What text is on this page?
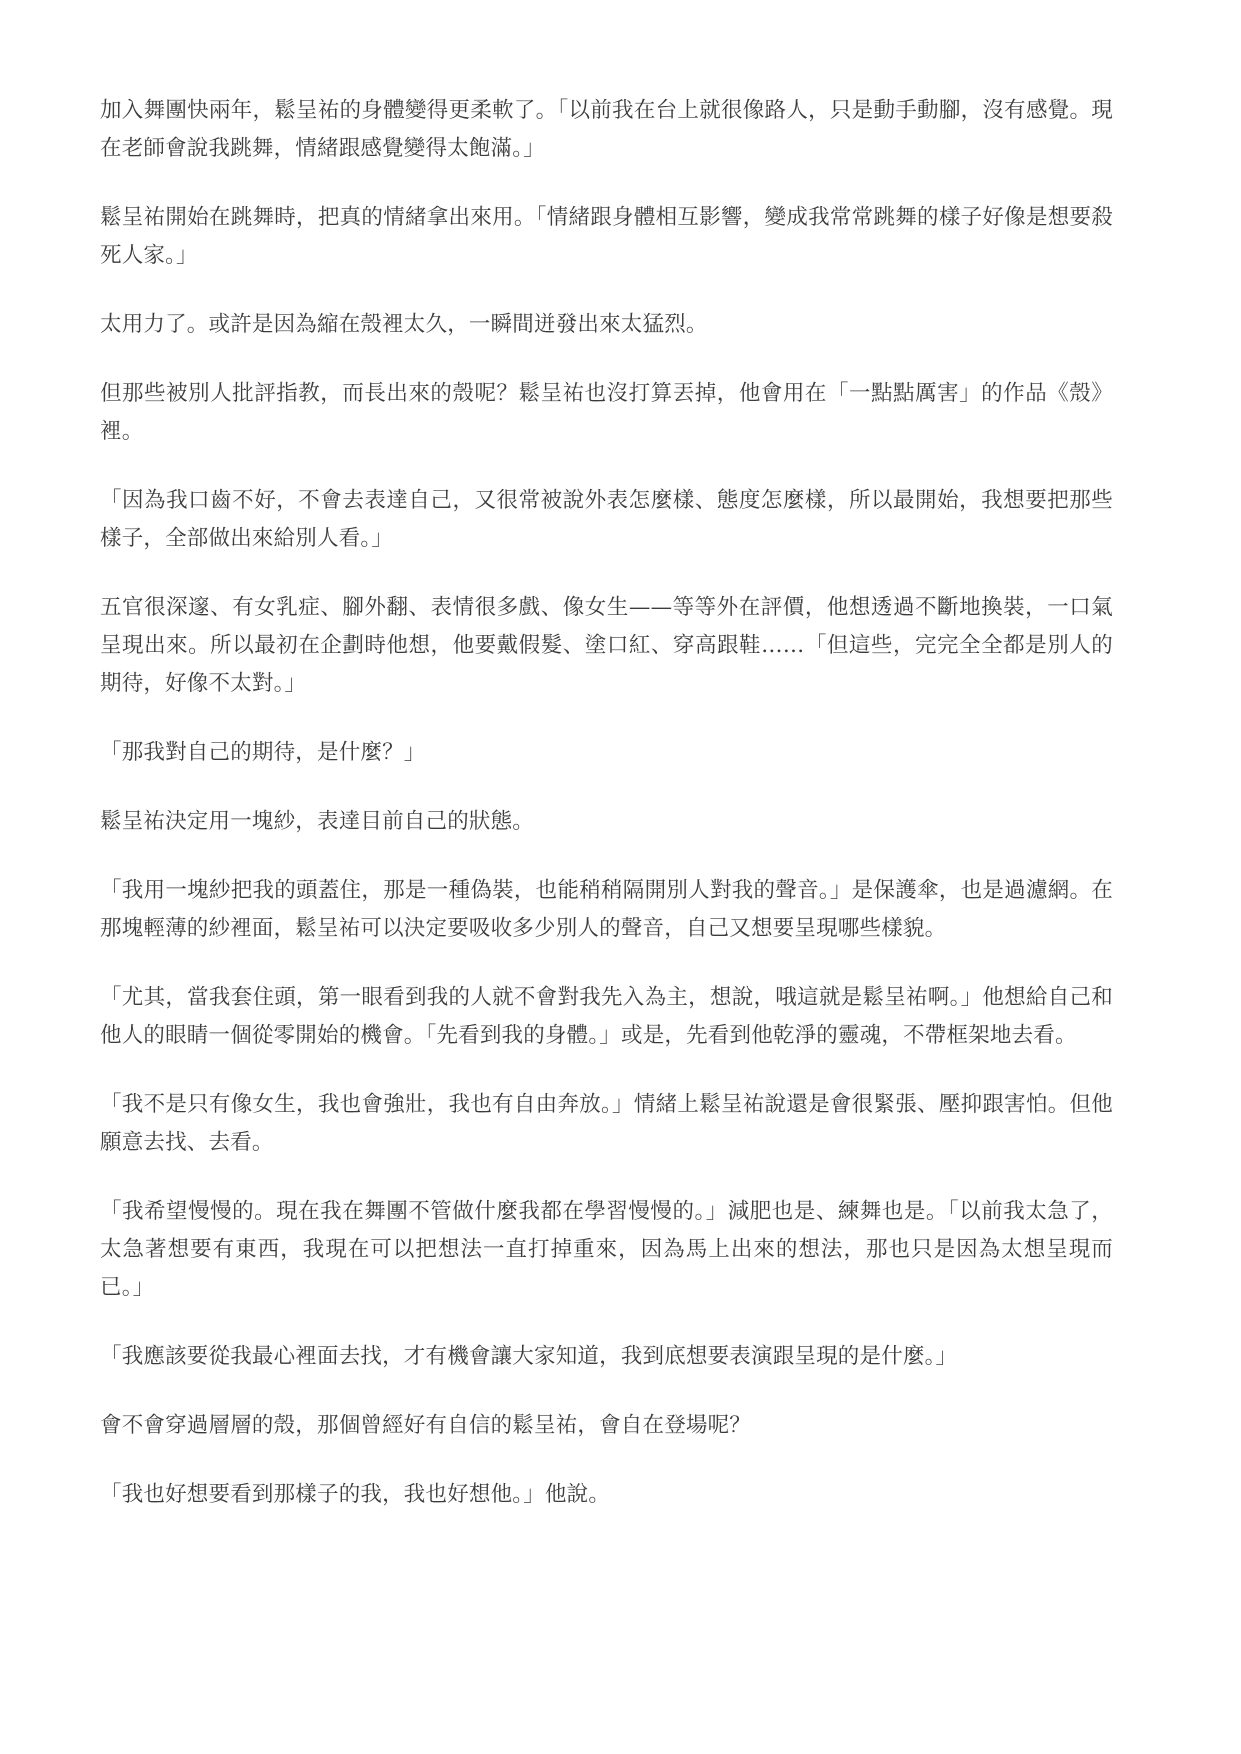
加入舞團快兩年，鬆呈祐的身體變得更柔軟了。「以前我在台上就很像路人，只是動手動腳，沒有感覺。現在老師會說我跳舞，情緒跟感覺變得太飽滿。」

鬆呈祐開始在跳舞時，把真的情緒拿出來用。「情緒跟身體相互影響，變成我常常跳舞的樣子好像是想要殺死人家。」

太用力了。或許是因為縮在殼裡太久，一瞬間迸發出來太猛烈。

但那些被別人批評指教，而長出來的殼呢？鬆呈祐也沒打算丟掉，他會用在「一點點厲害」的作品《殼》裡。

「因為我口齒不好，不會去表達自己，又很常被說外表怎麼樣、態度怎麼樣，所以最開始，我想要把那些樣子，全部做出來給別人看。」

五官很深邃、有女乳症、腳外翻、表情很多戲、像女生——等等外在評價，他想透過不斷地換裝，一口氣呈現出來。所以最初在企劃時他想，他要戴假髮、塗口紅、穿高跟鞋……「但這些，完完全全都是別人的期待，好像不太對。」

「那我對自己的期待，是什麼？」

鬆呈祐決定用一塊紗，表達目前自己的狀態。

「我用一塊紗把我的頭蓋住，那是一種偽裝，也能稍稍隔開別人對我的聲音。」是保護傘，也是過濾網。在那塊輕薄的紗裡面，鬆呈祐可以決定要吸收多少別人的聲音，自己又想要呈現哪些樣貌。

「尤其，當我套住頭，第一眼看到我的人就不會對我先入為主，想說，哦這就是鬆呈祐啊。」他想給自己和他人的眼睛一個從零開始的機會。「先看到我的身體。」或是，先看到他乾淨的靈魂，不帶框架地去看。

「我不是只有像女生，我也會強壯，我也有自由奔放。」情緒上鬆呈祐說還是會很緊張、壓抑跟害怕。但他願意去找、去看。

「我希望慢慢的。現在我在舞團不管做什麼我都在學習慢慢的。」減肥也是、練舞也是。「以前我太急了，太急著想要有東西，我現在可以把想法一直打掉重來，因為馬上出來的想法，那也只是因為太想呈現而已。」

「我應該要從我最心裡面去找，才有機會讓大家知道，我到底想要表演跟呈現的是什麼。」

會不會穿過層層的殼，那個曾經好有自信的鬆呈祐，會自在登場呢？

「我也好想要看到那樣子的我，我也好想他。」他說。
